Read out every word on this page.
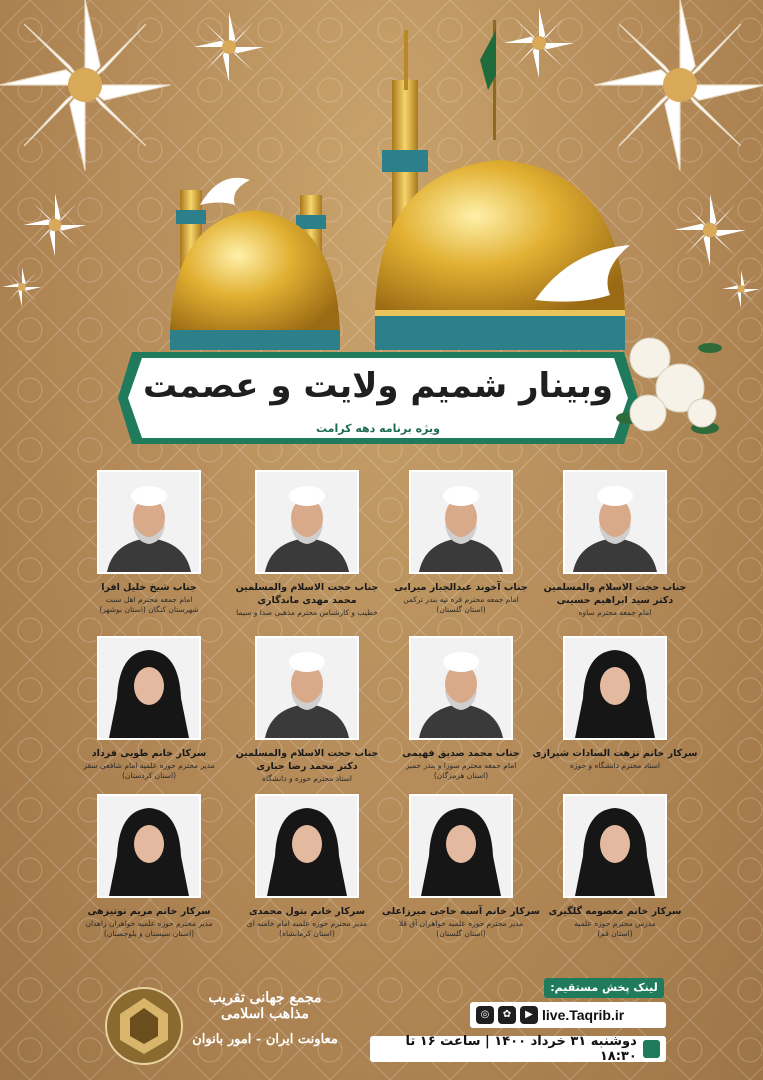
وبینار شمیم ولایت و عصمت
ویژه برنامه دهه کرامت
جناب حجت الاسلام والمسلمین
دکتر سید ابراهیم حسینی
امام جمعه محترم ساوه
جناب آخوند عبدالجبار میرابی
امام جمعه محترم قره تپه بندر ترکمن
(استان گلستان)
جناب حجت الاسلام والمسلمین
محمد مهدی ماندگاری
خطیب و کارشناس محترم مذهبی صدا و سیما
جناب شیخ خلیل افرا
امام جمعه محترم اهل سنت
شهرستان کنگان (استان بوشهر)
سرکار خانم نزهت السادات شیرازی
استاد محترم دانشگاه و حوزه
جناب محمد صدیق فهیمی
امام جمعه محترم سوزا و بندر خمیر
(استان هرمزگان)
جناب حجت الاسلام والمسلمین
دکتر محمد رضا جباری
استاد محترم حوزه و دانشگاه
سرکار خانم طوبی فرداد
مدیر محترم حوزه علمیه امام شافعی سقز
(استان کردستان)
سرکار خانم معصومه گلگیری
مدرس محترم حوزه علمیه
(استان قم)
سرکار خانم آسیه حاجی میرزاعلی
مدیر محترم حوزه علمیه خواهران آق قلا
(استان گلستان)
سرکار خانم بتول محمدی
مدیر محترم حوزه علمیه امام خامنه ای
(استان کرمانشاه)
سرکار خانم مریم نوتیزهی
مدیر محترم حوزه علمیه خواهران زاهدان
(استان سیستان و بلوچستان)
مجمع جهانی تقریب مذاهب اسلامی
معاونت ایران - امور بانوان
لینک پخش مستقیم:
◎	✿	▶ live.Taqrib.ir
دوشنبه ۳۱ خرداد ۱۴۰۰ | ساعت ۱۶ تا ۱۸:۳۰
